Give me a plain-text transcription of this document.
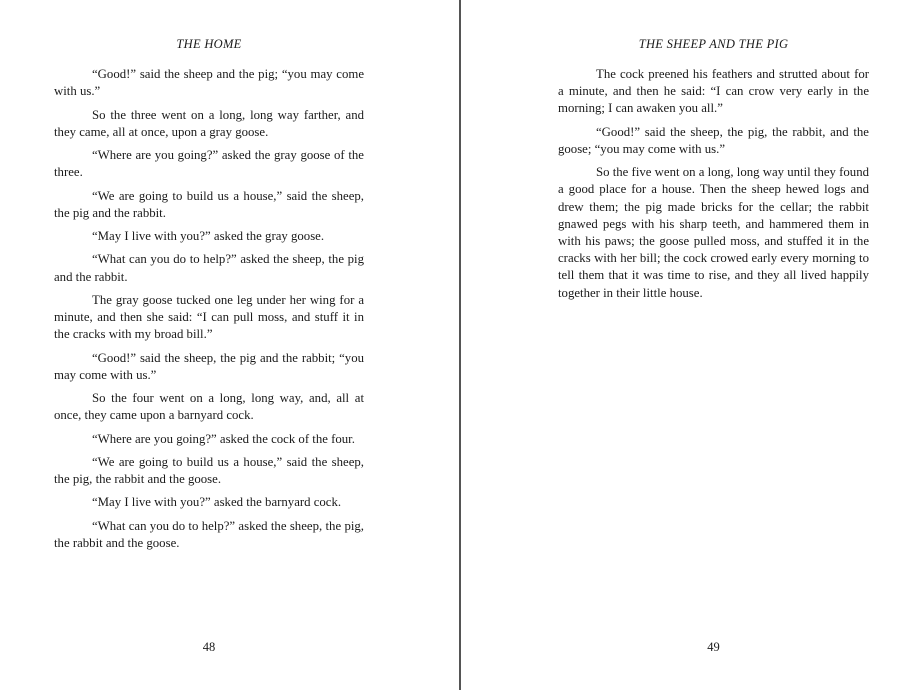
THE HOME

“Good!” said the sheep and the pig; “you may come with us.”

So the three went on a long, long way farther, and they came, all at once, upon a gray goose.

“Where are you going?” asked the gray goose of the three.

“We are going to build us a house,” said the sheep, the pig and the rabbit.

“May I live with you?” asked the gray goose.

“What can you do to help?” asked the sheep, the pig and the rabbit.

The gray goose tucked one leg under her wing for a minute, and then she said: “I can pull moss, and stuff it in the cracks with my broad bill.”

“Good!” said the sheep, the pig and the rabbit; “you may come with us.”

So the four went on a long, long way, and, all at once, they came upon a barnyard cock.

“Where are you going?” asked the cock of the four.

“We are going to build us a house,” said the sheep, the pig, the rabbit and the goose.

“May I live with you?” asked the barnyard cock.

“What can you do to help?” asked the sheep, the pig, the rabbit and the goose.

48
THE SHEEP AND THE PIG

The cock preened his feathers and strutted about for a minute, and then he said: “I can crow very early in the morning; I can awaken you all.”

“Good!” said the sheep, the pig, the rabbit, and the goose; “you may come with us.”

So the five went on a long, long way until they found a good place for a house. Then the sheep hewed logs and drew them; the pig made bricks for the cellar; the rabbit gnawed pegs with his sharp teeth, and hammered them in with his paws; the goose pulled moss, and stuffed it in the cracks with her bill; the cock crowed early every morning to tell them that it was time to rise, and they all lived happily together in their little house.

49
